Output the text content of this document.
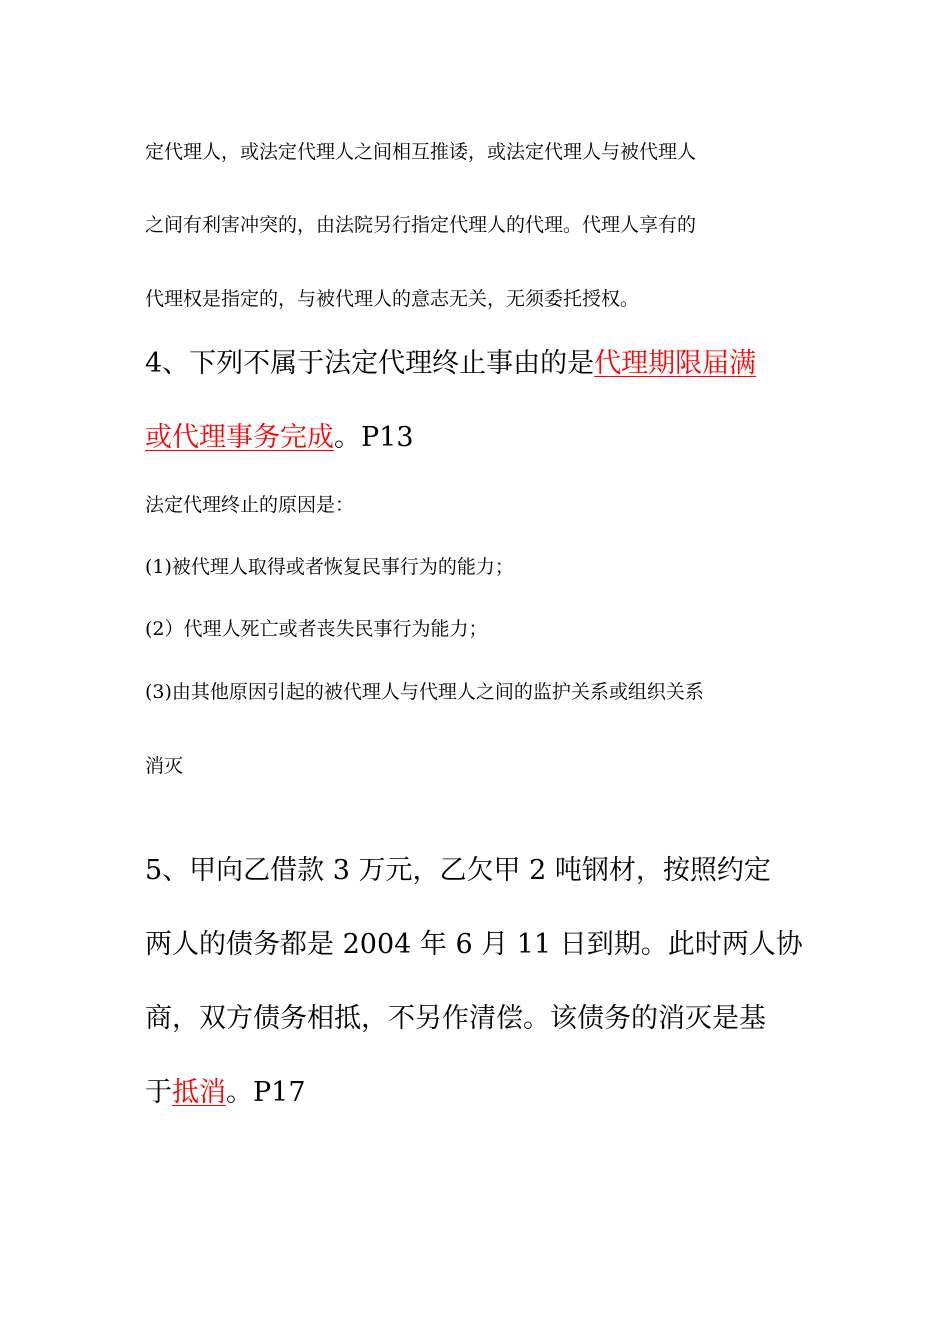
定代理人，或法定代理人之间相互推诿，或法定代理人与被代理人
之间有利害冲突的，由法院另行指定代理人的代理。代理人享有的
代理权是指定的，与被代理人的意志无关，无须委托授权。
4、下列不属于法定代理终止事由的是代理期限届满
或代理事务完成。P13
法定代理终止的原因是：
(1)被代理人取得或者恢复民事行为的能力；
(2）代理人死亡或者丧失民事行为能力；
(3)由其他原因引起的被代理人与代理人之间的监护关系或组织关系
消灭
5、甲向乙借款 3 万元，乙欠甲 2 吨钢材，按照约定
两人的债务都是 2004 年 6 月 11 日到期。此时两人协
商，双方债务相抵，不另作清偿。该债务的消灭是基
于抵消。P17
